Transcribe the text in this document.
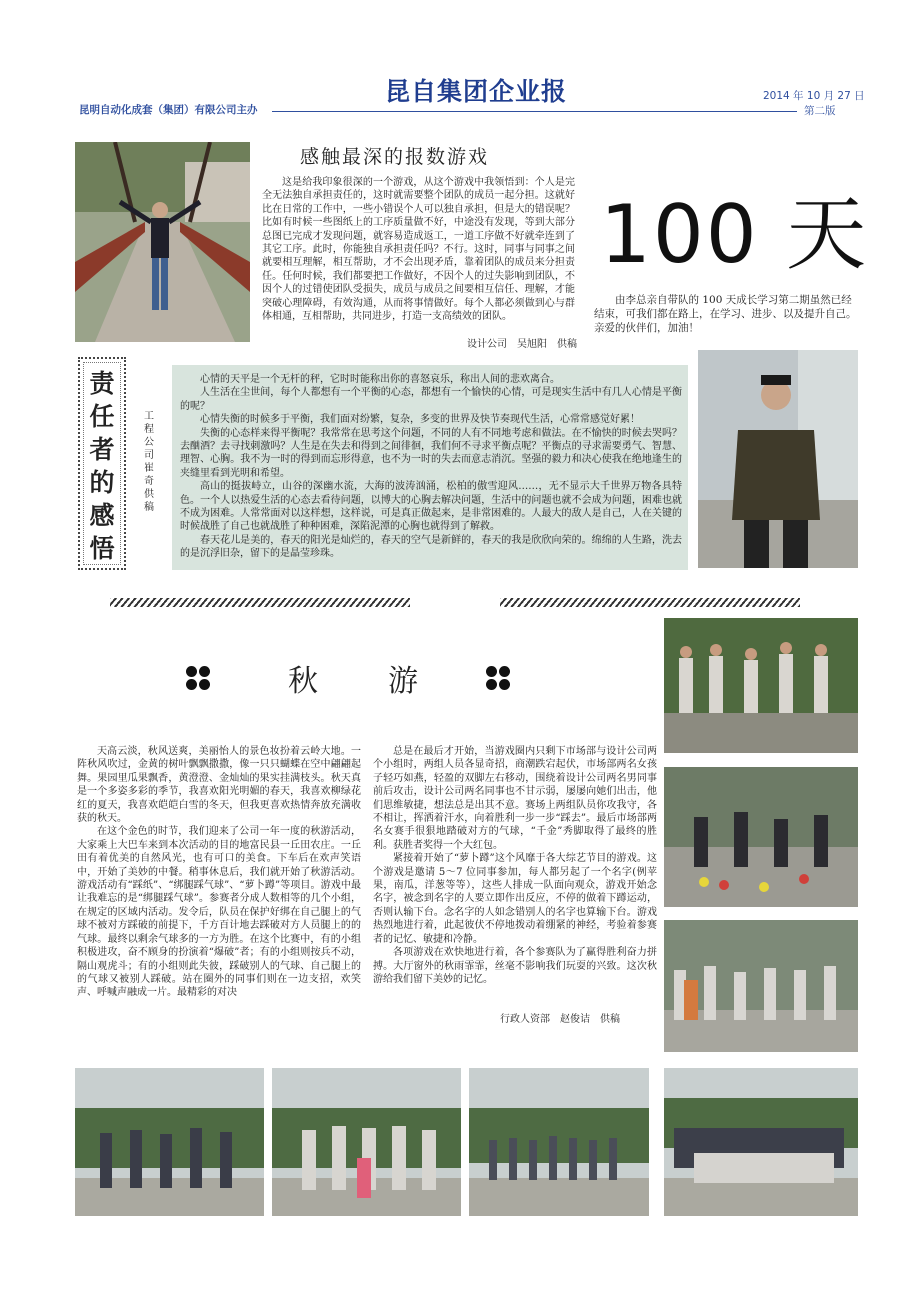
昆自集团企业报
昆明自动化成套（集团）有限公司主办
2014 年 10 月 27 日
第二版
感触最深的报数游戏
这是给我印象很深的一个游戏，从这个游戏中我领悟到：个人是完全无法独自承担责任的，这时就需要整个团队的成员一起分担。这就好比在日常的工作中，一些小错误个人可以独自承担，但是大的错误呢？比如有时候一些图纸上的工序质量做不好，中途没有发现，等到大部分总图已完成才发现问题，就容易造成返工，一道工序做不好就牵连到了其它工序。此时，你能独自承担责任吗？不行。这时，同事与同事之间就要相互理解，相互帮助，才不会出现矛盾，靠着团队的成员来分担责任。任何时候，我们都要把工作做好，不因个人的过失影响到团队，不因个人的过错使团队受损失，成员与成员之间要相互信任、理解，才能突破心理障碍，有效沟通，从而将事情做好。每个人都必须做到心与群体相通，互相帮助，共同进步，打造一支高绩效的团队。
设计公司　吴旭阳　供稿
100 天

由李总亲自带队的 100 天成长学习第二期虽然已经结束，可我们都在路上，在学习、进步、以及提升自己。亲爱的伙伴们，加油！

责任者的感悟
工程公司　崔奇　供稿

心情的天平是一个无杆的秤，它时时能称出你的喜怒哀乐，称出人间的悲欢离合。

人生活在尘世间，每个人都想有一个平衡的心态，都想有一个愉快的心情，可是现实生活中有几人心情是平衡的呢？

心情失衡的时候多于平衡，我们面对纷繁，复杂，多变的世界及快节奏现代生活，心常常感觉好累！

失衡的心态样来得平衡呢？我常常在思考这个问题，不同的人有不同地考虑和做法。在不愉快的时候去哭吗？去酗酒？去寻找刺激吗？人生是在失去和得到之间徘徊，我们何不寻求平衡点呢？平衡点的寻求需要勇气、智慧、理智、心胸。我不为一时的得到而忘形得意，也不为一时的失去而意志消沉。坚强的毅力和决心使我在绝地逢生的夹缝里看到光明和希望。

高山的挺拔峙立，山谷的深幽水流，大海的波涛汹涌，松柏的傲雪迎风……，无不显示大千世界万物各具特色。一个人以热爱生活的心态去看待问题，以博大的心胸去解决问题，生活中的问题也就不会成为问题，困难也就不成为困难。人常常面对以这样想，这样说，可是真正做起来，是非常困难的。人最大的敌人是自己，人在关键的时候战胜了自己也就战胜了种种困难，深陷泥潭的心胸也就得到了解救。

春天花儿是美的，春天的阳光是灿烂的，春天的空气是新鲜的，春天的我是欣欣向荣的。绵绵的人生路，洗去的是沉浮旧杂，留下的是晶莹珍珠。

秋 游

天高云淡，秋风送爽，美丽怡人的景色妆扮着云岭大地。一阵秋风吹过，金黄的树叶飘飘撒撒，像一只只蝴蝶在空中翩翩起舞。果园里瓜果飘香，黄澄澄、金灿灿的果实挂满枝头。秋天真是一个多姿多彩的季节，我喜欢阳光明媚的春天，我喜欢柳绿花红的夏天，我喜欢皑皑白雪的冬天，但我更喜欢热情奔放充满收获的秋天。

在这个金色的时节，我们迎来了公司一年一度的秋游活动，大家乘上大巴车来到本次活动的目的地富民县一丘田农庄。一丘田有着优美的自然风光，也有可口的美食。下车后在欢声笑语中，开始了美妙的中餐。稍事休息后，我们就开始了秋游活动。游戏活动有“踩纸”、“绑腿踩气球”、“萝卜蹲”等项目。游戏中最让我难忘的是“绑腿踩气球”。参赛者分成人数相等的几个小组，在规定的区域内活动。发令后，队员在保护好绑在自己腿上的气球不被对方踩破的前提下，千方百计地去踩破对方人员腿上的的气球。最终以剩余气球多的一方为胜。在这个比赛中，有的小组积极进攻，奋不顾身的扮演着“爆破”者；有的小组则按兵不动，隔山观虎斗；有的小组则此失彼，踩破别人的气球、自己腿上的的气球又被别人踩破。站在圈外的同事们则在一边支招，欢笑声、呼喊声融成一片。最精彩的对决

总是在最后才开始，当游戏圈内只剩下市场部与设计公司两个小组时，两组人员各显奇招，商潮跌宕起伏，市场部两名女孩子轻巧如燕，轻盈的双脚左右移动，围绕着设计公司两名男同事前后攻击，设计公司两名同事也不甘示弱，屡屡向她们出击，他们思维敏捷，想法总是出其不意。赛场上两组队员你攻我守，各不相让，挥洒着汗水，向着胜利一步一步“踩去”。最后市场部两名女赛手很狠地踏破对方的气球，“千金”秀脚取得了最终的胜利。获胜者奖得一个大红包。

紧接着开始了“萝卜蹲”这个风靡于各大综艺节目的游戏。这个游戏是邀请 5～7 位同事参加，每人都另起了一个名字(例苹果，南瓜，洋葱等等），这些人排成一队面向观众，游戏开始念名字，被念到名字的人要立即作出反应，不停的做着下蹲运动，否则认输下台。念名字的人如念错别人的名字也算输下台。游戏热烈地进行着，此起彼伏不停地拨动着绷紧的神经，考验着参赛者的记忆、敏捷和冷静。

各项游戏在欢快地进行着，各个参赛队为了赢得胜利奋力拼搏。大厅窗外的秋雨霏霏，丝毫不影响我们玩耍的兴致。这次秋游给我们留下美妙的记忆。

行政人资部　赵俊诘　供稿
